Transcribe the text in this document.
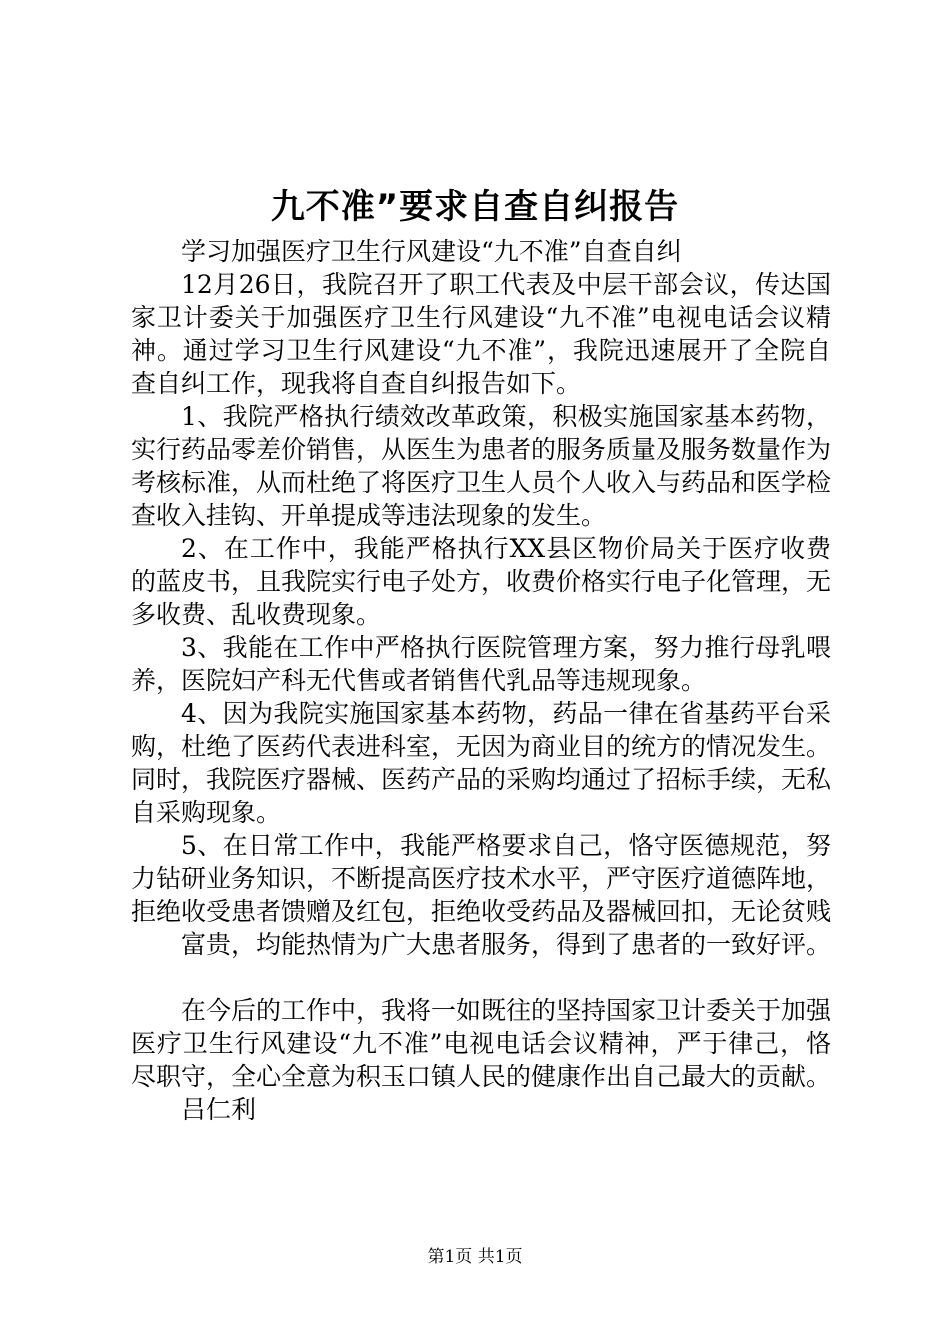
九不准”要求自查自纠报告

学习加强医疗卫生行风建设“九不准”自查自纠

12月26日，我院召开了职工代表及中层干部会议，传达国家卫计委关于加强医疗卫生行风建设“九不准”电视电话会议精神。通过学习卫生行风建设“九不准”，我院迅速展开了全院自查自纠工作，现我将自查自纠报告如下。

1、我院严格执行绩效改革政策，积极实施国家基本药物，实行药品零差价销售，从医生为患者的服务质量及服务数量作为考核标准，从而杜绝了将医疗卫生人员个人收入与药品和医学检查收入挂钩、开单提成等违法现象的发生。

2、在工作中，我能严格执行XX县区物价局关于医疗收费的蓝皮书，且我院实行电子处方，收费价格实行电子化管理，无多收费、乱收费现象。

3、我能在工作中严格执行医院管理方案，努力推行母乳喂养，医院妇产科无代售或者销售代乳品等违规现象。

4、因为我院实施国家基本药物，药品一律在省基药平台采购，杜绝了医药代表进科室，无因为商业目的统方的情况发生。同时，我院医疗器械、医药产品的采购均通过了招标手续，无私自采购现象。

5、在日常工作中，我能严格要求自己，恪守医德规范，努力钻研业务知识，不断提高医疗技术水平，严守医疗道德阵地，拒绝收受患者馈赠及红包，拒绝收受药品及器械回扣，无论贫贱

富贵，均能热情为广大患者服务，得到了患者的一致好评。

在今后的工作中，我将一如既往的坚持国家卫计委关于加强医疗卫生行风建设“九不准”电视电话会议精神，严于律己，恪尽职守，全心全意为积玉口镇人民的健康作出自己最大的贡献。

吕仁利

第1页 共1页
